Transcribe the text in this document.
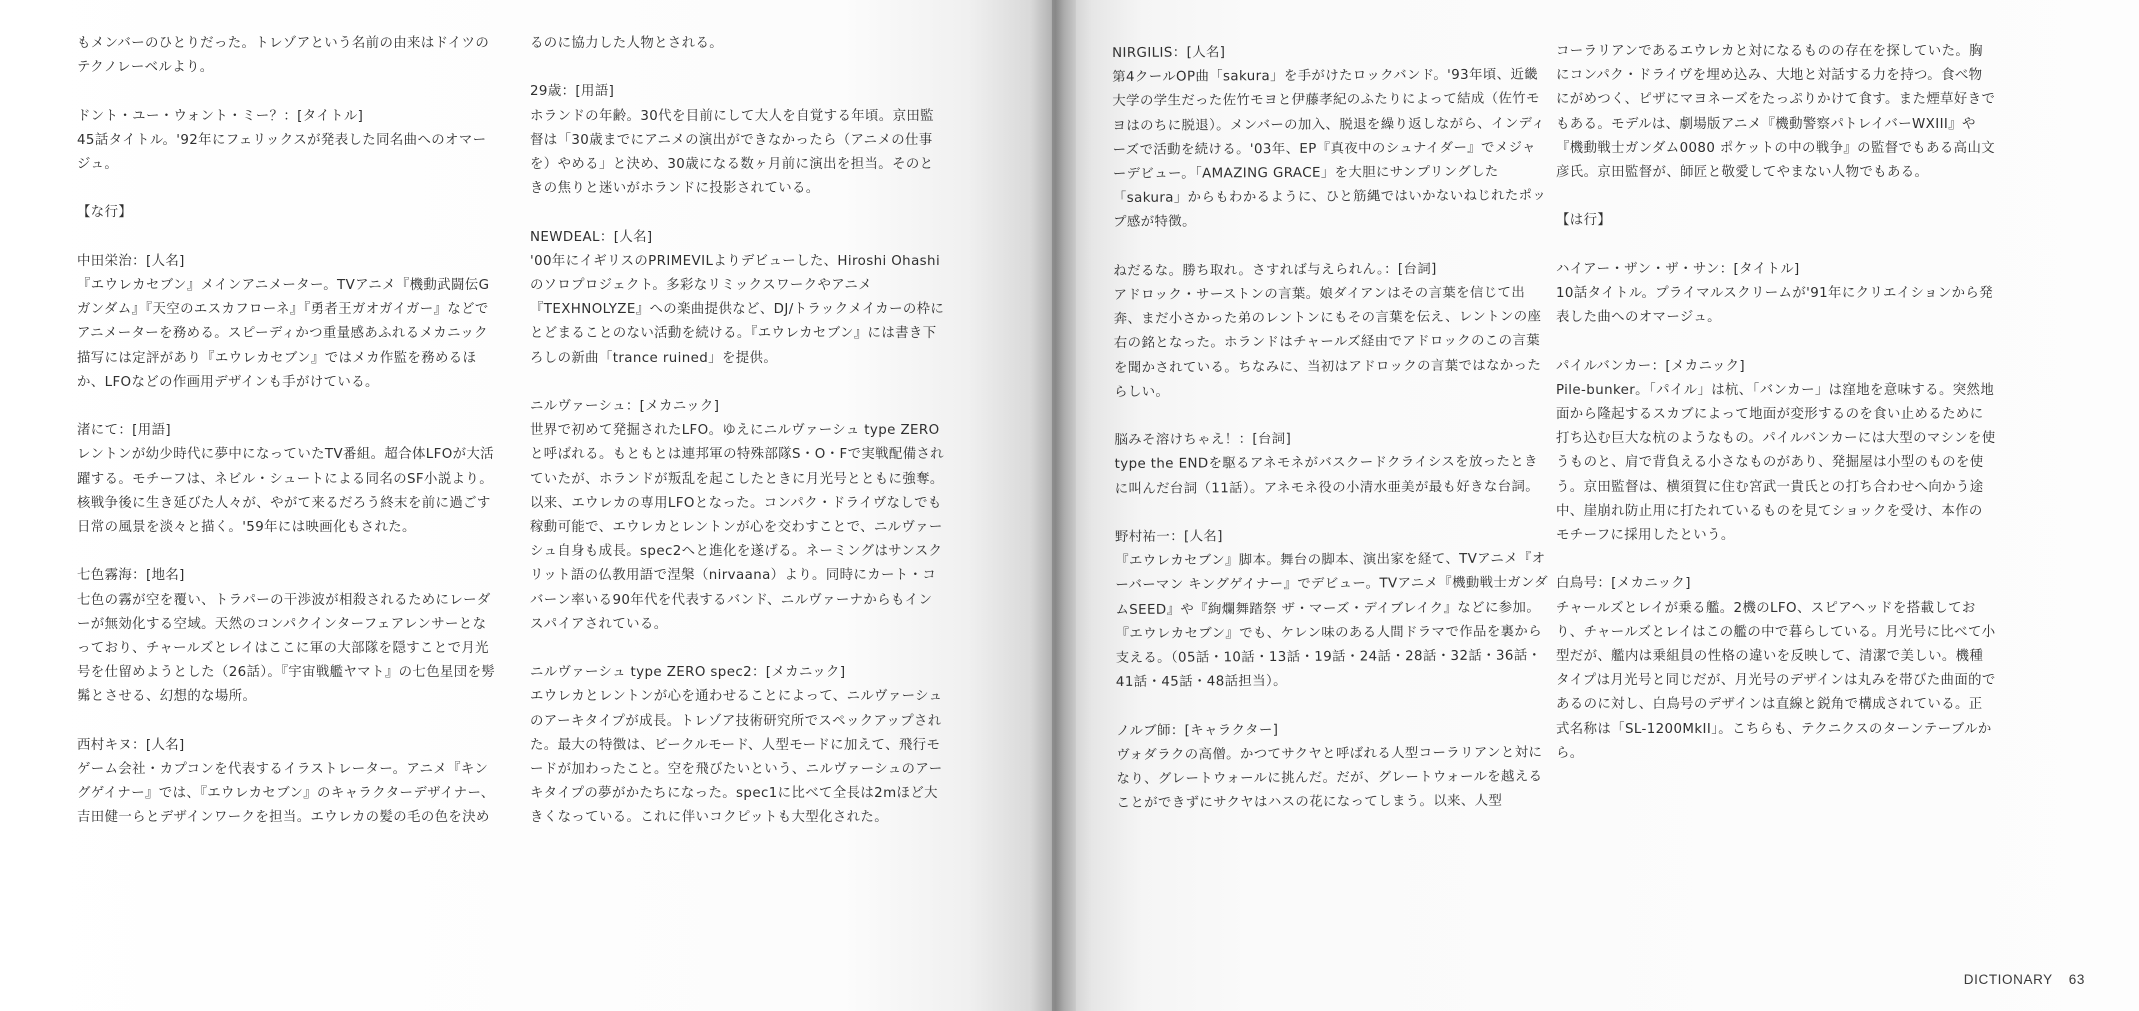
もメンバーのひとりだった。トレゾアという名前の由来はドイツのテクノレーベルより。

ドント・ユー・ウォント・ミー？：[タイトル]

45話タイトル。'92年にフェリックスが発表した同名曲へのオマージュ。

【な行】

中田栄治：[人名]

『エウレカセブン』メインアニメーター。TVアニメ『機動武闘伝Gガンダム』『天空のエスカフローネ』『勇者王ガオガイガー』などでアニメーターを務める。スピーディかつ重量感あふれるメカニック描写には定評があり『エウレカセブン』ではメカ作監を務めるほか、LFOなどの作画用デザインも手がけている。

渚にて：[用語]

レントンが幼少時代に夢中になっていたTV番組。超合体LFOが大活躍する。モチーフは、ネビル・シュートによる同名のSF小説より。核戦争後に生き延びた人々が、やがて来るだろう終末を前に過ごす日常の風景を淡々と描く。'59年には映画化もされた。

七色霧海：[地名]

七色の霧が空を覆い、トラパーの干渉波が相殺されるためにレーダーが無効化する空域。天然のコンパクインターフェアレンサーとなっており、チャールズとレイはここに軍の大部隊を隠すことで月光号を仕留めようとした（26話）。『宇宙戦艦ヤマト』の七色星団を髣髴とさせる、幻想的な場所。

西村キヌ：[人名]

ゲーム会社・カプコンを代表するイラストレーター。アニメ『キングゲイナー』では、『エウレカセブン』のキャラクターデザイナー、吉田健一らとデザインワークを担当。エウレカの髪の毛の色を決め

るのに協力した人物とされる。

29歳：[用語]

ホランドの年齢。30代を目前にして大人を自覚する年頃。京田監督は「30歳までにアニメの演出ができなかったら（アニメの仕事を）やめる」と決め、30歳になる数ヶ月前に演出を担当。そのときの焦りと迷いがホランドに投影されている。

NEWDEAL：[人名]

'00年にイギリスのPRIMEVILよりデビューした、Hiroshi Ohashiのソロプロジェクト。多彩なリミックスワークやアニメ『TEXHNOLYZE』への楽曲提供など、DJ/トラックメイカーの枠にとどまることのない活動を続ける。『エウレカセブン』には書き下ろしの新曲「trance ruined」を提供。

ニルヴァーシュ：[メカニック]

世界で初めて発掘されたLFO。ゆえにニルヴァーシュ type ZEROと呼ばれる。もともとは連邦軍の特殊部隊S・O・Fで実戦配備されていたが、ホランドが叛乱を起こしたときに月光号とともに強奪。以来、エウレカの専用LFOとなった。コンパク・ドライヴなしでも稼動可能で、エウレカとレントンが心を交わすことで、ニルヴァーシュ自身も成長。spec2へと進化を遂げる。ネーミングはサンスクリット語の仏教用語で涅槃（nirvaana）より。同時にカート・コバーン率いる90年代を代表するバンド、ニルヴァーナからもインスパイアされている。

ニルヴァーシュ type ZERO spec2：[メカニック]

エウレカとレントンが心を通わせることによって、ニルヴァーシュのアーキタイプが成長。トレゾア技術研究所でスペックアップされた。最大の特徴は、ビークルモード、人型モードに加えて、飛行モードが加わったこと。空を飛びたいという、ニルヴァーシュのアーキタイプの夢がかたちになった。spec1に比べて全長は2mほど大きくなっている。これに伴いコクピットも大型化された。

NIRGILIS：[人名]

第4クールOP曲「sakura」を手がけたロックバンド。'93年頃、近畿大学の学生だった佐竹モヨと伊藤孝紀のふたりによって結成（佐竹モヨはのちに脱退）。メンバーの加入、脱退を繰り返しながら、インディーズで活動を続ける。'03年、EP『真夜中のシュナイダー』でメジャーデビュー。「AMAZING GRACE」を大胆にサンプリングした「sakura」からもわかるように、ひと筋縄ではいかないねじれたポップ感が特徴。

ねだるな。勝ち取れ。さすれば与えられん。：[台詞]

アドロック・サーストンの言葉。娘ダイアンはその言葉を信じて出奔、まだ小さかった弟のレントンにもその言葉を伝え、レントンの座右の銘となった。ホランドはチャールズ経由でアドロックのこの言葉を聞かされている。ちなみに、当初はアドロックの言葉ではなかったらしい。

脳みそ溶けちゃえ！：[台詞]

type the ENDを駆るアネモネがバスクードクライシスを放ったときに叫んだ台詞（11話）。アネモネ役の小清水亜美が最も好きな台詞。

野村祐一：[人名]

『エウレカセブン』脚本。舞台の脚本、演出家を経て、TVアニメ『オーバーマン キングゲイナー』でデビュー。TVアニメ『機動戦士ガンダムSEED』や『絢爛舞踏祭 ザ・マーズ・デイブレイク』などに参加。『エウレカセブン』でも、ケレン味のある人間ドラマで作品を裏から支える。（05話・10話・13話・19話・24話・28話・32話・36話・41話・45話・48話担当）。

ノルブ師：[キャラクター]

ヴォダラクの高僧。かつてサクヤと呼ばれる人型コーラリアンと対になり、グレートウォールに挑んだ。だが、グレートウォールを越えることができずにサクヤはハスの花になってしまう。以来、人型

コーラリアンであるエウレカと対になるものの存在を探していた。胸にコンパク・ドライヴを埋め込み、大地と対話する力を持つ。食べ物にがめつく、ピザにマヨネーズをたっぷりかけて食す。また煙草好きでもある。モデルは、劇場版アニメ『機動警察パトレイバーWXIII』や『機動戦士ガンダム0080 ポケットの中の戦争』の監督でもある高山文彦氏。京田監督が、師匠と敬愛してやまない人物でもある。

【は行】

ハイアー・ザン・ザ・サン：[タイトル]

10話タイトル。プライマルスクリームが'91年にクリエイションから発表した曲へのオマージュ。

パイルバンカー：[メカニック]

Pile-bunker。「パイル」は杭、「バンカー」は窪地を意味する。突然地面から隆起するスカブによって地面が変形するのを食い止めるために打ち込む巨大な杭のようなもの。パイルバンカーには大型のマシンを使うものと、肩で背負える小さなものがあり、発掘屋は小型のものを使う。京田監督は、横須賀に住む宮武一貴氏との打ち合わせへ向かう途中、崖崩れ防止用に打たれているものを見てショックを受け、本作のモチーフに採用したという。

白鳥号：[メカニック]

チャールズとレイが乗る艦。2機のLFO、スピアヘッドを搭載しており、チャールズとレイはこの艦の中で暮らしている。月光号に比べて小型だが、艦内は乗組員の性格の違いを反映して、清潔で美しい。機種タイプは月光号と同じだが、月光号のデザインは丸みを帯びた曲面的であるのに対し、白鳥号のデザインは直線と鋭角で構成されている。正式名称は「SL-1200MkII」。こちらも、テクニクスのターンテーブルから。

DICTIONARY 63
